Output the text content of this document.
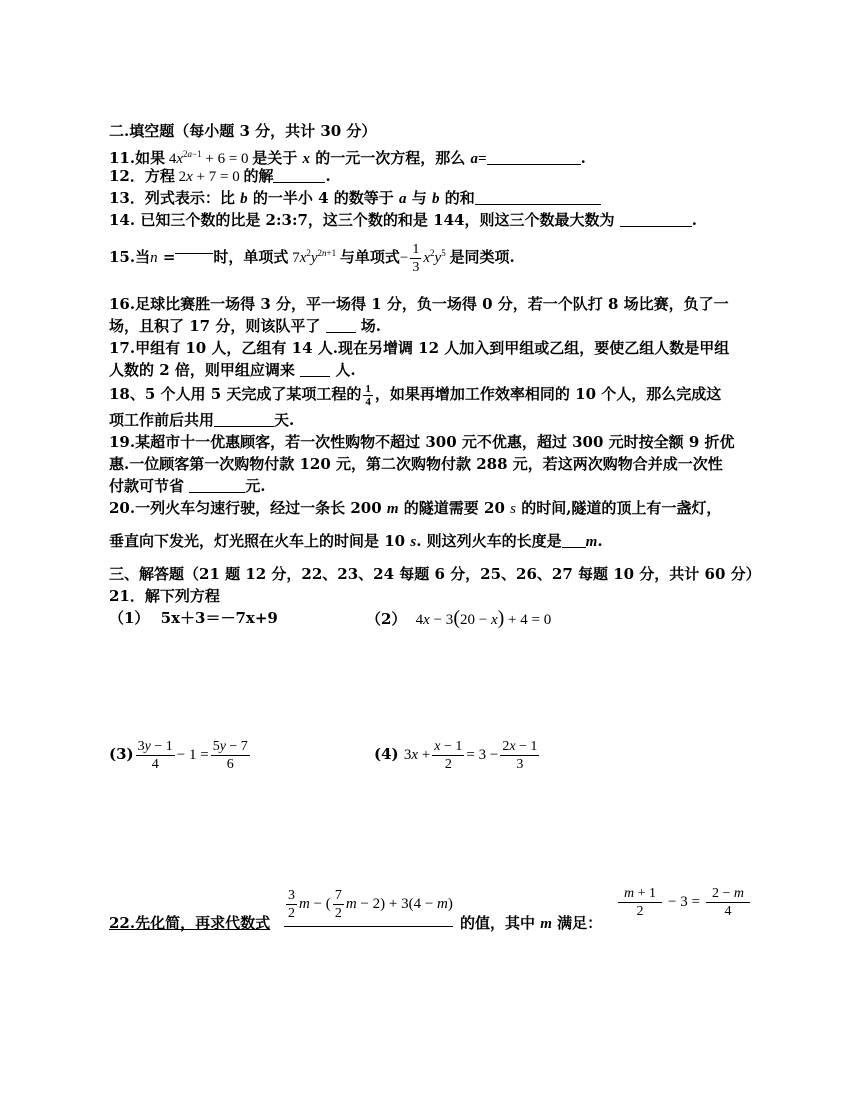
二.填空题（每小题 3 分，共计 30 分）
11.如果 $4x^{2a-1} + 6 = 0$ 是关于 x 的一元一次方程，那么 a=	.
12．方程 2x + 7 = 0 的解	.
13．列式表示：比 b 的一半小 4 的数等于 a 与 b 的和
14. 已知三个数的比是 2:3:7，这三个数的和是 144，则这三个数最大数为	.
15.当n =	时，单项式 $7x^2y^{2n+1}$ 与单项式− $\frac{1}{3} x^2y^5$ 是同类项.
16.足球比赛胜一场得 3 分，平一场得 1 分，负一场得 0 分，若一个队打 8 场比赛，负了一
场，且积了 17 分，则该队平了	场.
17.甲组有 10 人，乙组有 14 人.现在另增调 12 人加入到甲组或乙组，要使乙组人数是甲组
人数的 2 倍，则甲组应调来	人.
18、5 个人用 5 天完成了某项工程的 $\frac{1}{4}$ ，如果再增加工作效率相同的 10 个人，那么完成这
项工作前后共用	天.
19.某超市十一优惠顾客，若一次性购物不超过 300 元不优惠，超过 300 元时按全额 9 折优
惠.一位顾客第一次购物付款 120 元，第二次购物付款 288 元，若这两次购物合并成一次性
付款可节省	元.
20.一列火车匀速行驶，经过一条长 200 m 的隧道需要 20 s 的时间,隧道的顶上有一盏灯，
垂直向下发光，灯光照在火车上的时间是 10 s. 则这列火车的长度是 m.
三、解答题（21 题 12 分，22、23、24 每题 6 分，25、26、27 每题 10 分，共计 60 分）
21．解下列方程
（1） 5x＋3＝－7x+9	（2） 4x − 3(20 − x) + 4 = 0
$(3) \frac{3y - 1}{4} - 1 = \frac{5y - 7}{6}$	(4) $3x + \frac{x - 1}{2} = 3 - \frac{2x - 1}{3}$
22.先化简，再求代数式
$\frac{3}{2}$ m − ( $\frac{7}{2}$ m − 2) + 3(4 − m)
的值，其中 m 满足：
$\frac{m + 1}{2} - 3 = \frac{2 - m}{4}$
